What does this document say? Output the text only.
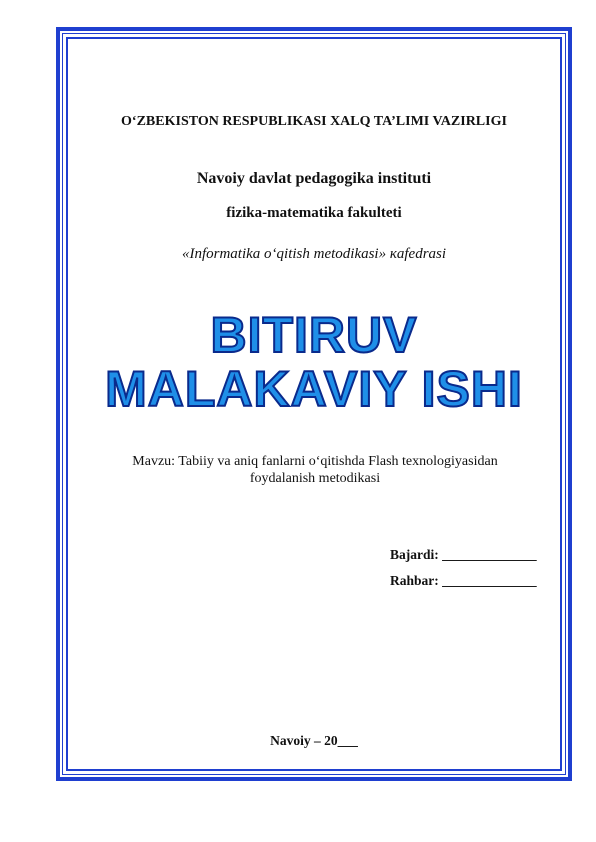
O‘ZBEKISTON RESPUBLIKASI XALQ TA’LIMI VAZIRLIGI
Navoiy davlat pedagogika instituti
fizika-matematika fakulteti
«Informatika o‘qitish metodikasi» кafedrasi
BITIRUV
MALAKAVIY ISHI
Mavzu: Tabiiy va aniq fanlarni o‘qitishda Flash texnologiyasidan foydalanish metodikasi
Bajardi: ______________
Rahbar: ______________
Navoiy – 20___
